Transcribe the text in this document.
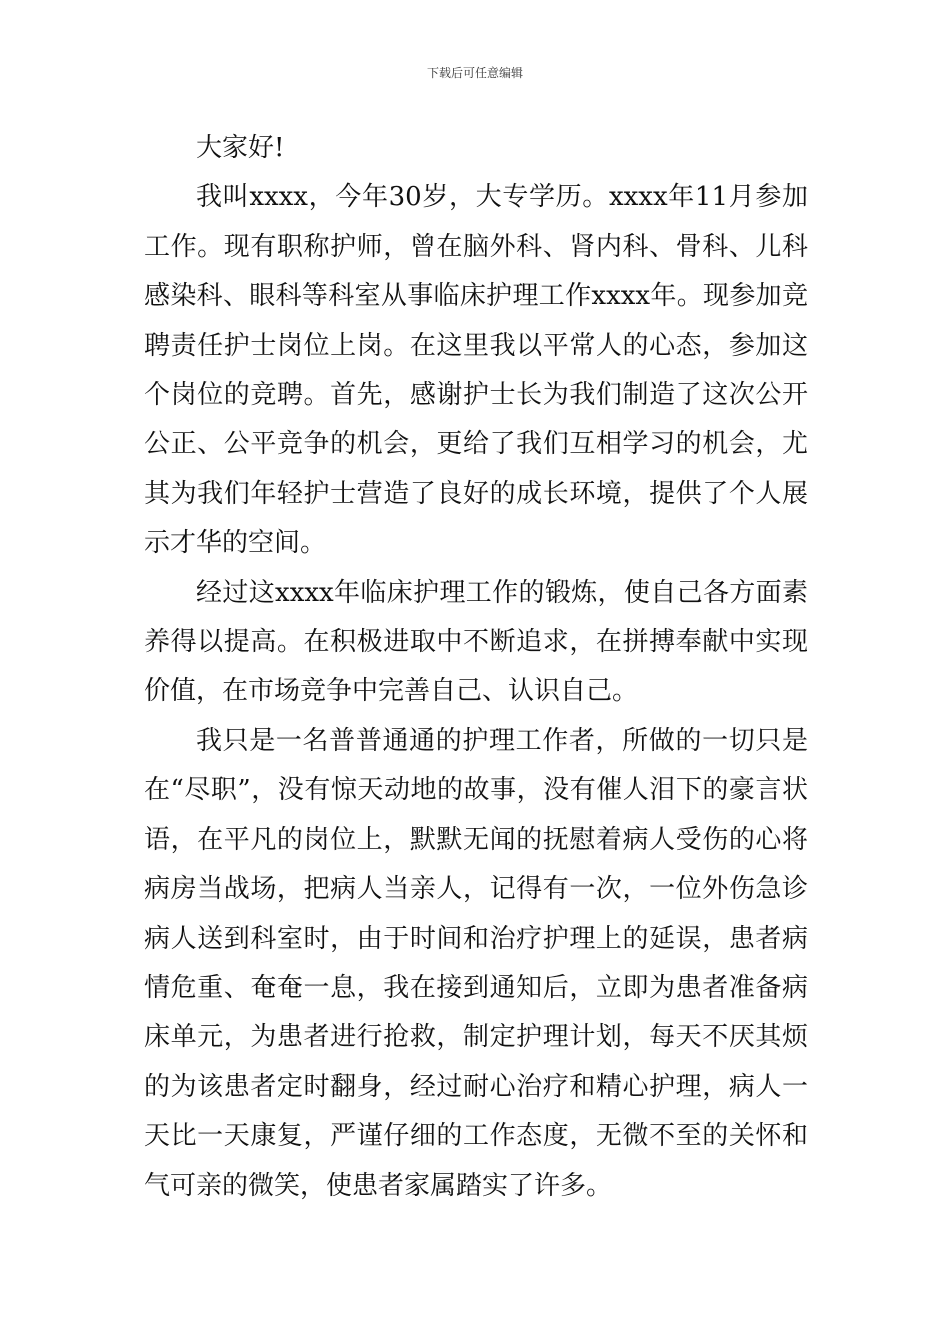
下载后可任意编辑

大家好!

我叫xxxx，今年30岁，大专学历。xxxx年11月参加工作。现有职称护师，曾在脑外科、肾内科、骨科、儿科感染科、眼科等科室从事临床护理工作xxxx年。现参加竞聘责任护士岗位上岗。在这里我以平常人的心态，参加这个岗位的竞聘。首先，感谢护士长为我们制造了这次公开公正、公平竞争的机会，更给了我们互相学习的机会，尤其为我们年轻护士营造了良好的成长环境，提供了个人展示才华的空间。

经过这xxxx年临床护理工作的锻炼，使自己各方面素养得以提高。在积极进取中不断追求，在拼搏奉献中实现价值，在市场竞争中完善自己、认识自己。

我只是一名普普通通的护理工作者，所做的一切只是在“尽职”，没有惊天动地的故事，没有催人泪下的豪言状语，在平凡的岗位上，默默无闻的抚慰着病人受伤的心将病房当战场，把病人当亲人，记得有一次，一位外伤急诊病人送到科室时，由于时间和治疗护理上的延误，患者病情危重、奄奄一息，我在接到通知后，立即为患者准备病床单元，为患者进行抢救，制定护理计划，每天不厌其烦的为该患者定时翻身，经过耐心治疗和精心护理，病人一天比一天康复，严谨仔细的工作态度，无微不至的关怀和气可亲的微笑，使患者家属踏实了许多。
